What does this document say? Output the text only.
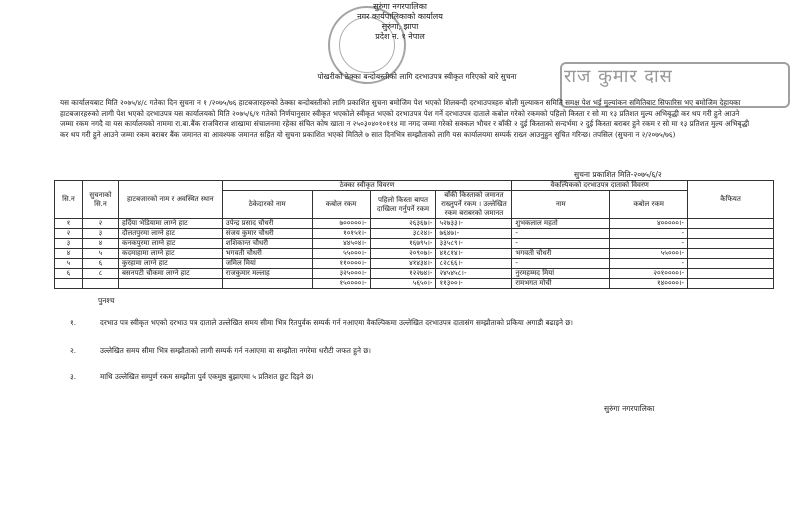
सुरुंगा नगरपालिका
नगर कार्यपालिकाको कार्यालय
सुरुंगा, झापा
प्रदेश न. १ नेपाल
राज कुमार दास
पोखरीको ठेक्का बन्दोबस्तीको लागि दरभाउपत्र स्वीकृत गरिएको बारे सुचना
यस कार्यालयबाट मिति २०७५/४/८ गतेका दिन सुचना न १ /२०७५/७६ हाटबजारहरुको ठेक्का बन्दोबस्तीको लागि प्रकाशित सुचना बमोजिम पेश भएको शिलबन्दी दरभाउपत्रहरु बोली मुल्याकन समिति समक्ष पेश भई मुल्यांकन समितिबाट सिफारिस भए बमोजिम देहायका हाटबजारहरुको लागी पेश भएको दरभाउपत्र यस कार्यालयको मिति २०७५/६/१ गतेको निर्णयानुसार स्वीकृत भएकोले स्वीकृत भएको दरभाउपत्र पेश गर्ने दरभाउपत्र दाताले कबोल गरेको रकमको पहिलो किस्ता र सो मा १३ प्रतिशत मुल्य अभिबृद्धी कर थप गरी हुने आउने जम्मा रकम नगदै वा यस कार्यालयको नाममा रा.बा.बैंक राजविराज शाखामा संचालनमा रहेका संचित कोष खाता न २५०३०४०१०११४ मा नगद जम्मा गरेको सक्कल भौचर र बाँकी २ दुई किस्ताको सन्दर्भमा २ दुई किस्ता बराबर हुने रकम र सो मा १३ प्रतिशत मुल्य अभिबृद्धी कर थप गरी हुने आउने जम्मा रकम बराबर बैंक जमानत वा आवश्यक जमानत सहित यो सुचना प्रकाशित भएको मितिले ७ सात दिनभित्र सम्झौताको लागि यस कार्यालयमा सम्पर्क राख्न आउनुहुन सुचित गरिन्छ। तपसिल (सुचना न २/२०७५/७६)
सुचना प्रकाशित मिति-२०७५/६/२
सि.न	सुचनाको सि.न	हाटबजारको नाम र अवस्थित स्थान	ठेक्का स्वीकृत विवरण				वैकल्पिकको दरभाउपत्र दाताको विवरण		कैफियत
			ठेकेदारको नाम	कबोल रकम	पहिलो किस्ता बापत दाखिला गर्नुपर्ने रकम	बाँकी किस्ताको जमानत राख्नुपर्ने रकम । उल्लेखित रकम बराबरको जमानत	नाम	कबोल रकम	
१	२	हर्दिया भेडियामा लाग्ने हाट	उपेन्द्र प्रसाद चौधरी	७०००००।-	२६३६७।-	५२७३३।-	शुभकलाल महतो	४०००००।-	
२	३	दौलतपुरमा लाग्ने हाट	संजय कुमार चौधरी	१०१५१।-	३८२४।-	७६४७।-	-	-	
३	४	कनकपुरमा लाग्ने हाट	शशिकान्त चौधरी	४४५०४।-	१६७९५।-	३३५८९।-	-	-	
४	५	कदमाहामा लाग्ने हाट	भगवती चौधरी	५५०००।-	२०९०७।-	४१८१४।-	भगवती चौधरी	५५०००।-	
५	६	कुरहामा लाग्ने हाट	जमिल मियां	११००००।-	४१४३४।-	८२८६६।-	-	-	
६	८	बसनपटी चौकमा लाग्ने हाट	राजकुमार मल्लाह	३२५०००।-	१२२७४।-	२४५४५८।-	नुरमहम्मद मियां	२०१००००।-	
				१५००००।-	५६५०।-	११३००।-	रामभगत मोची	१४००००।-	
पुनश्च
१.	दरभाउ पत्र स्वीकृत भएको दरभाउ पत्र दाताले उल्लेखित समय सीमा भित्र रितपुर्वक सम्पर्क गर्न नआएमा वैकल्पिकमा उल्लेखित दरभाउपत्र दातासंग सम्झौताको प्रकिया अगाडी बढाइने छ।
२.	उल्लेखित समय सीमा भित्र सम्झौताको लागी सम्पर्क गर्न नआएमा वा सम्झौता नगरेमा धरौटी जफत हुने छ।
३.	माथि उल्लेखित सम्पुर्ण रकम सम्झौता पुर्व एकमुष्ठ बुझाएमा ५ प्रतिशत छुट दिइने छ।
सुरुंगा नगरपालिका
